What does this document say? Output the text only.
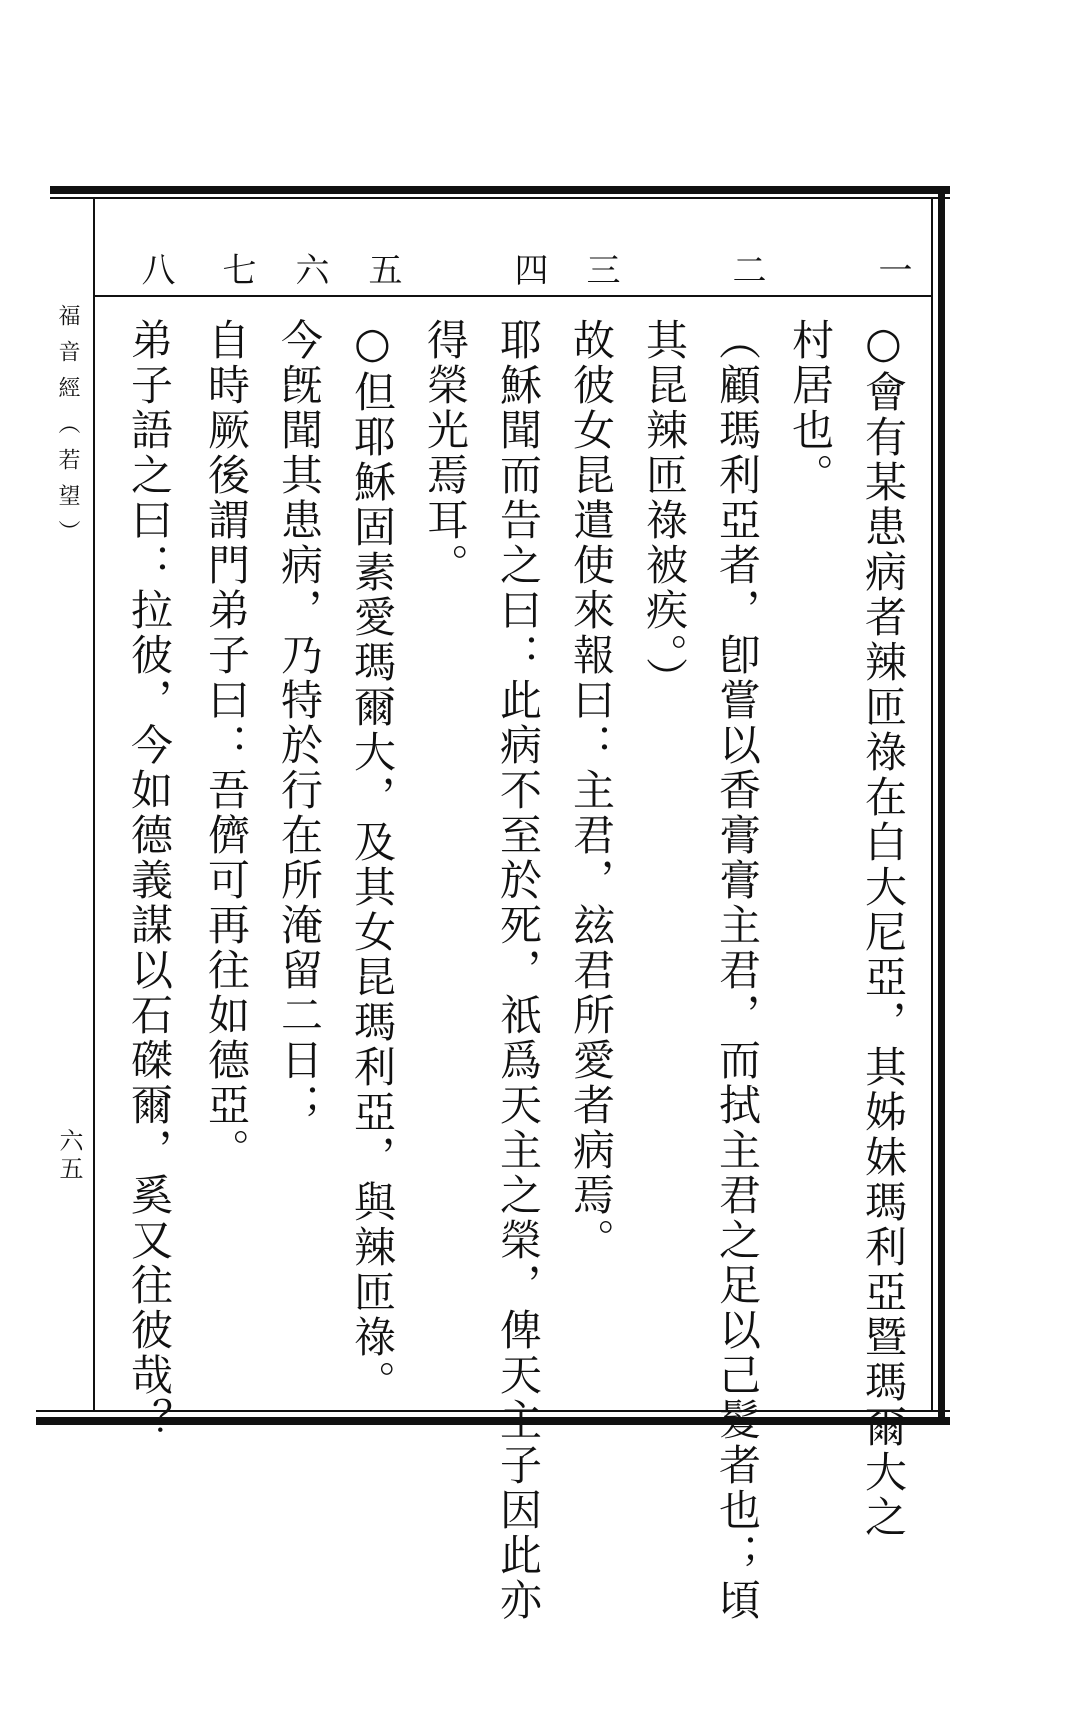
福音經（若望）
六五
一
二
三
四
五
六
七
八
○會有某患病者辣匝祿在白大尼亞，其姊妹瑪利亞暨瑪爾大之
村居也。
（顧瑪利亞者，卽嘗以香膏膏主君，而拭主君之足以己髮者也；頃
其昆辣匝祿被疾。）
故彼女昆遣使來報曰：主君，玆君所愛者病焉。
耶穌聞而告之曰：此病不至於死，祇爲天主之榮，俾天主子因此亦
得榮光焉耳。
○但耶穌固素愛瑪爾大，及其女昆瑪利亞，與辣匝祿。
今旣聞其患病，乃特於行在所淹留二日；
自時厥後謂門弟子曰：吾儕可再往如德亞。
弟子語之曰：拉彼，今如德義謀以石磔爾，奚又往彼哉？
